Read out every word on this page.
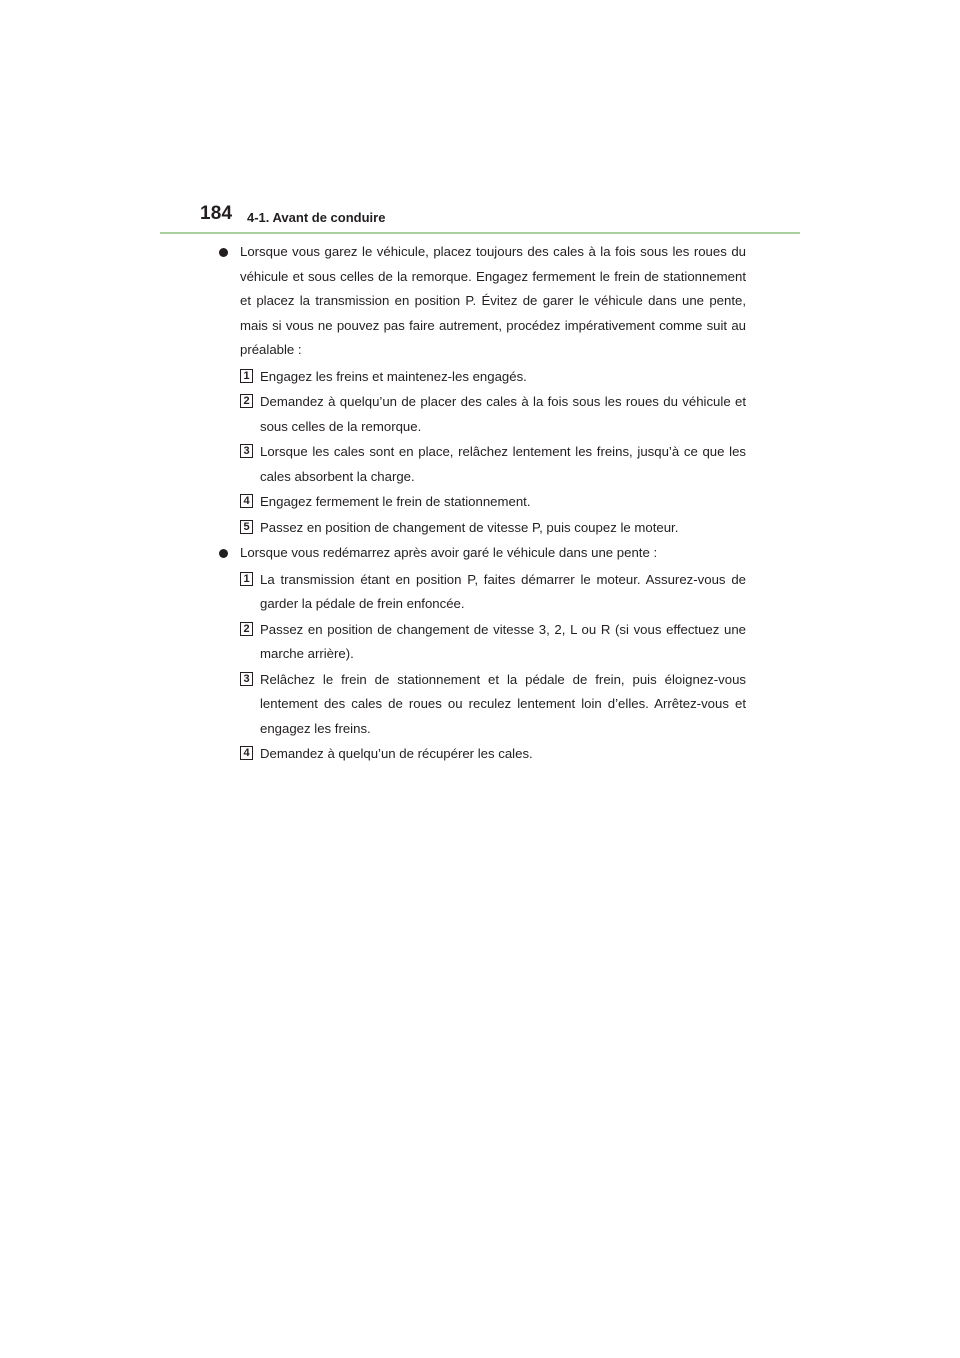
184 4-1. Avant de conduire
Lorsque vous garez le véhicule, placez toujours des cales à la fois sous les roues du véhicule et sous celles de la remorque. Engagez fermement le frein de stationnement et placez la transmission en position P. Évitez de garer le véhicule dans une pente, mais si vous ne pouvez pas faire autrement, procédez impérativement comme suit au préalable :
1 Engagez les freins et maintenez-les engagés.
2 Demandez à quelqu’un de placer des cales à la fois sous les roues du véhicule et sous celles de la remorque.
3 Lorsque les cales sont en place, relâchez lentement les freins, jusqu’à ce que les cales absorbent la charge.
4 Engagez fermement le frein de stationnement.
5 Passez en position de changement de vitesse P, puis coupez le moteur.
Lorsque vous redémarrez après avoir garé le véhicule dans une pente :
1 La transmission étant en position P, faites démarrer le moteur. Assurez-vous de garder la pédale de frein enfoncée.
2 Passez en position de changement de vitesse 3, 2, L ou R (si vous effectuez une marche arrière).
3 Relâchez le frein de stationnement et la pédale de frein, puis éloignez-vous lentement des cales de roues ou reculez lentement loin d’elles. Arrêtez-vous et engagez les freins.
4 Demandez à quelqu’un de récupérer les cales.
